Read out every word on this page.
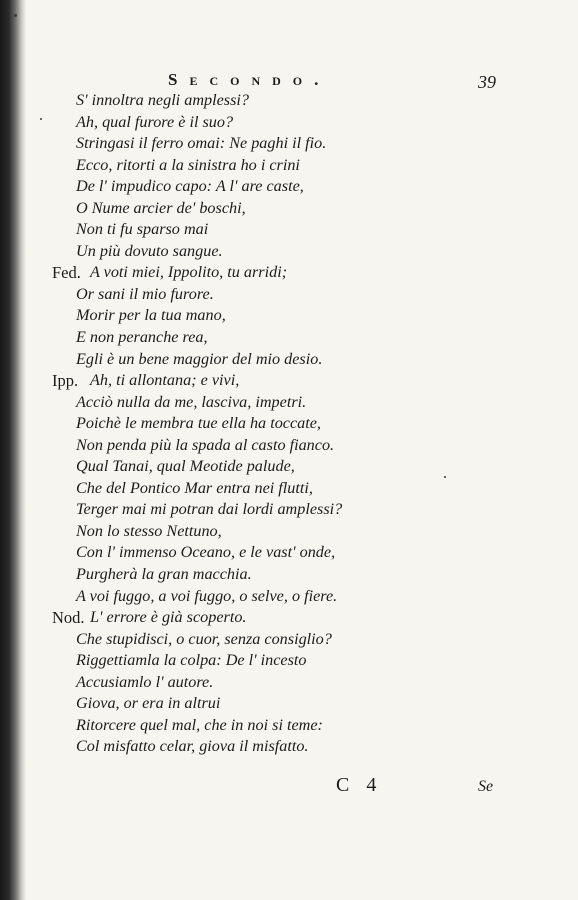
Secondo.	39
S' innoltra negli amplessi?
Ah, qual furore è il suo?
Stringasi il ferro omai: Ne paghi il fio.
Ecco, ritorti a la sinistra ho i crini
De l' impudico capo: A l' are caste,
O Nume arcier de' boschi,
Non ti fu sparso mai
Un più dovuto sangue.
Fed. A voti miei, Ippolito, tu arridi;
Or sani il mio furore.
Morir per la tua mano,
E non peranche rea,
Egli è un bene maggior del mio desio.
Ipp. Ah, ti allontana; e vivi,
Acciò nulla da me, lasciva, impetri.
Poichè le membra tue ella ha toccate,
Non penda più la spada al casto fianco.
Qual Tanai, qual Meotide palude,
Che del Pontico Mar entra nei flutti,
Terger mai mi potran dai lordi amplessi?
Non lo stesso Nettuno,
Con l' immenso Oceano, e le vast' onde,
Purgherà la gran macchia.
A voi fuggo, a voi fuggo, o selve, o fiere.
Nod. L' errore è già scoperto.
Che stupidisci, o cuor, senza consiglio?
Riggettiamla la colpa: De l' incesto
Accusiamlo l' autore.
Giova, or era in altrui
Ritorcere quel mal, che in noi si teme:
Col misfatto celar, giova il misfatto.
C 4	Se
